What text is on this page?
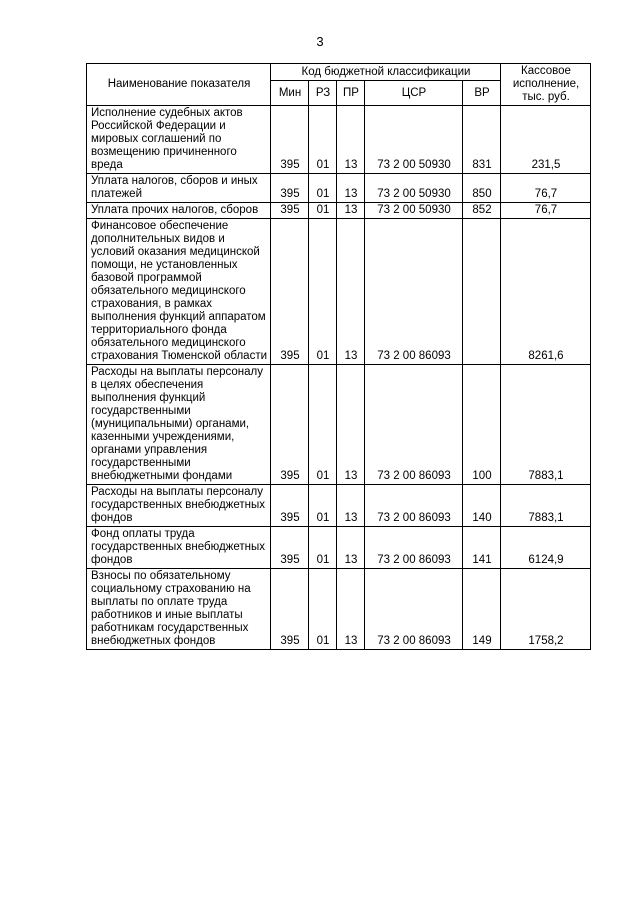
3
Наименование показателя	Код бюджетной классификации					Кассовое исполнение, тыс. руб.
	Мин	РЗ	ПР	ЦСР	ВР	

Исполнение судебных актов Российской Федерации и мировых соглашений по возмещению причиненного вреда	395	01	13	73 2 00 50930	831	231,5

Уплата налогов, сборов и иных платежей	395	01	13	73 2 00 50930	850	76,7

Уплата прочих налогов, сборов	395	01	13	73 2 00 50930	852	76,7

Финансовое обеспечение дополнительных видов и условий оказания медицинской помощи, не установленных базовой программой обязательного медицинского страхования, в рамках выполнения функций аппаратом территориального фонда обязательного медицинского страхования Тюменской области	395	01	13	73 2 00 86093		8261,6

Расходы на выплаты персоналу в целях обеспечения выполнения функций государственными (муниципальными) органами, казенными учреждениями, органами управления государственными внебюджетными фондами	395	01	13	73 2 00 86093	100	7883,1

Расходы на выплаты персоналу государственных внебюджетных фондов	395	01	13	73 2 00 86093	140	7883,1

Фонд оплаты труда государственных внебюджетных фондов	395	01	13	73 2 00 86093	141	6124,9

Взносы по обязательному социальному страхованию на выплаты по оплате труда работников и иные выплаты работникам государственных внебюджетных фондов	395	01	13	73 2 00 86093	149	1758,2
